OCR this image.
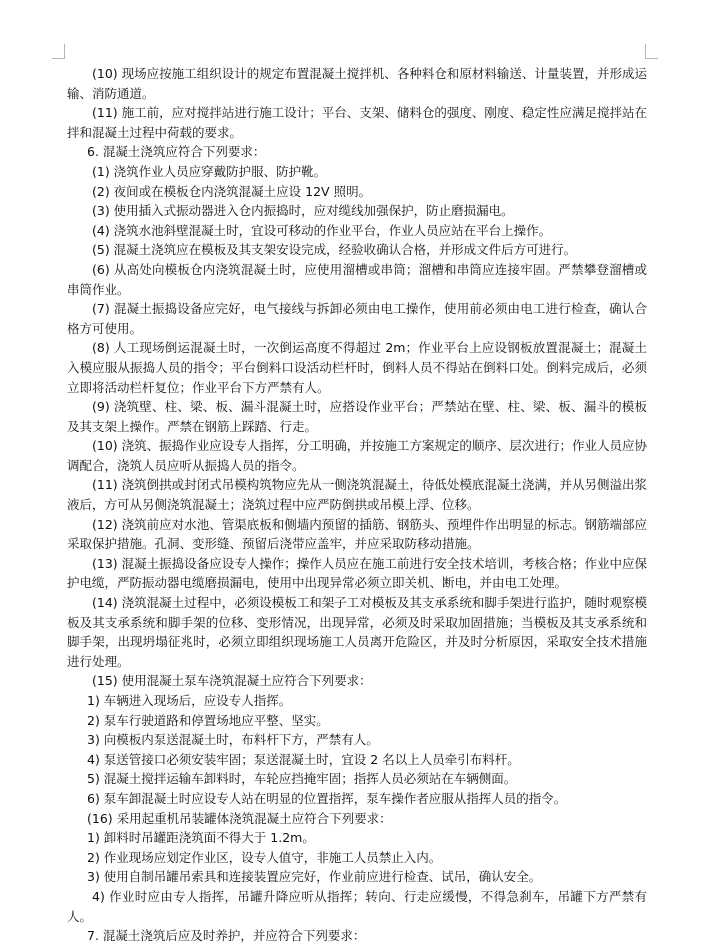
(10) 现场应按施工组织设计的规定布置混凝土搅拌机、各种料仓和原材料输送、计量装置，并形成运输、消防通道。

(11) 施工前，应对搅拌站进行施工设计；平台、支架、储料仓的强度、刚度、稳定性应满足搅拌站在拌和混凝土过程中荷载的要求。

6. 混凝土浇筑应符合下列要求：

(1) 浇筑作业人员应穿戴防护服、防护靴。

(2) 夜间或在模板仓内浇筑混凝土应设 12V 照明。

(3) 使用插入式振动器进入仓内振捣时，应对缆线加强保护，防止磨损漏电。

(4) 浇筑水池斜壁混凝土时，宜设可移动的作业平台，作业人员应站在平台上操作。

(5) 混凝土浇筑应在模板及其支架安设完成，经验收确认合格，并形成文件后方可进行。

(6) 从高处向模板仓内浇筑混凝土时，应使用溜槽或串筒；溜槽和串筒应连接牢固。严禁攀登溜槽或串筒作业。

(7) 混凝土振捣设备应完好，电气接线与拆卸必须由电工操作，使用前必须由电工进行检查，确认合格方可使用。

(8) 人工现场倒运混凝土时，一次倒运高度不得超过 2m；作业平台上应设钢板放置混凝土；混凝土入模应服从振捣人员的指令；平台倒料口设活动栏杆时，倒料人员不得站在倒料口处。倒料完成后，必须立即将活动栏杆复位；作业平台下方严禁有人。

(9) 浇筑壁、柱、梁、板、漏斗混凝土时，应搭设作业平台；严禁站在壁、柱、梁、板、漏斗的模板及其支架上操作。严禁在钢筋上踩踏、行走。

(10) 浇筑、振捣作业应设专人指挥，分工明确，并按施工方案规定的顺序、层次进行；作业人员应协调配合，浇筑人员应听从振捣人员的指令。

(11) 浇筑倒拱或封闭式吊模构筑物应先从一侧浇筑混凝土，待低处模底混凝土浇满，并从另侧溢出浆液后，方可从另侧浇筑混凝土；浇筑过程中应严防倒拱或吊模上浮、位移。

(12) 浇筑前应对水池、管渠底板和侧墙内预留的插筋、钢筋头、预埋件作出明显的标志。钢筋端部应采取保护措施。孔洞、变形缝、预留后浇带应盖牢，并应采取防移动措施。

(13) 混凝土振捣设备应设专人操作；操作人员应在施工前进行安全技术培训，考核合格；作业中应保护电缆，严防振动器电缆磨损漏电，使用中出现异常必须立即关机、断电，并由电工处理。

(14) 浇筑混凝土过程中，必须设模板工和架子工对模板及其支承系统和脚手架进行监护，随时观察模板及其支承系统和脚手架的位移、变形情况，出现异常，必须及时采取加固措施；当模板及其支承系统和脚手架，出现坍塌征兆时，必须立即组织现场施工人员离开危险区，并及时分析原因，采取安全技术措施进行处理。

(15) 使用混凝土泵车浇筑混凝土应符合下列要求：

1) 车辆进入现场后，应设专人指挥。

2) 泵车行驶道路和停置场地应平整、坚实。

3) 向模板内泵送混凝土时，布料杆下方，严禁有人。

4) 泵送管接口必须安装牢固；泵送混凝土时，宜设 2 名以上人员牵引布料杆。

5) 混凝土搅拌运输车卸料时，车轮应挡掩牢固；指挥人员必须站在车辆侧面。

6) 泵车卸混凝土时应设专人站在明显的位置指挥，泵车操作者应服从指挥人员的指令。

(16) 采用起重机吊装罐体浇筑混凝土应符合下列要求：

1) 卸料时吊罐距浇筑面不得大于 1.2m。

2) 作业现场应划定作业区，设专人值守，非施工人员禁止入内。

3) 使用自制吊罐吊索具和连接装置应完好，作业前应进行检查、试吊，确认安全。

4) 作业时应由专人指挥，吊罐升降应听从指挥；转向、行走应缓慢，不得急刹车，吊罐下方严禁有人。

7. 混凝土浇筑后应及时养护，并应符合下列要求：
